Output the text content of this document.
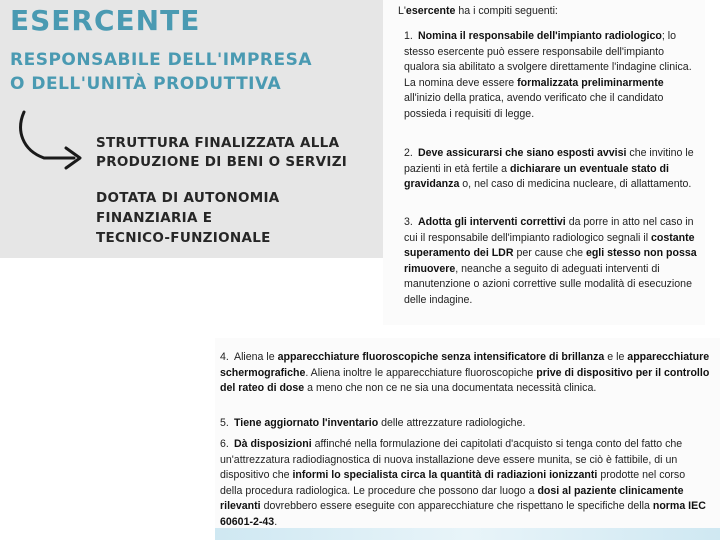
ESERCENTE

RESPONSABILE DELL'IMPRESA

O DELL'UNITÀ PRODUTTIVA

STRUTTURA FINALIZZATA ALLA

PRODUZIONE DI BENI O SERVIZI

DOTATA DI AUTONOMIA

FINANZIARIA E

TECNICO-FUNZIONALE

L'esercente ha i compiti seguenti:

1. Nomina il responsabile dell'impianto radiologico; lo stesso esercente può essere responsabile dell'impianto qualora sia abilitato a svolgere direttamente l'indagine clinica. La nomina deve essere formalizzata preliminarmente all'inizio della pratica, avendo verificato che il candidato possieda i requisiti di legge.

2. Deve assicurarsi che siano esposti avvisi che invitino le pazienti in età fertile a dichiarare un eventuale stato di gravidanza o, nel caso di medicina nucleare, di allattamento.

3. Adotta gli interventi correttivi da porre in atto nel caso in cui il responsabile dell'impianto radiologico segnali il costante superamento dei LDR per cause che egli stesso non possa rimuovere, neanche a seguito di adeguati interventi di manutenzione o azioni correttive sulle modalità di esecuzione delle indagine.

4. Aliena le apparecchiature fluoroscopiche senza intensificatore di brillanza e le apparecchiature schermografiche. Aliena inoltre le apparecchiature fluoroscopiche prive di dispositivo per il controllo del rateo di dose a meno che non ce ne sia una documentata necessità clinica.

5. Tiene aggiornato l'inventario delle attrezzature radiologiche.

6. Dà disposizioni affinché nella formulazione dei capitolati d'acquisto si tenga conto del fatto che un'attrezzatura radiodiagnostica di nuova installazione deve essere munita, se ciò è fattibile, di un dispositivo che informi lo specialista circa la quantità di radiazioni ionizzanti prodotte nel corso della procedura radiologica. Le procedure che possono dar luogo a dosi al paziente clinicamente rilevanti dovrebbero essere eseguite con apparecchiature che rispettano le specifiche della norma IEC 60601-2-43.
